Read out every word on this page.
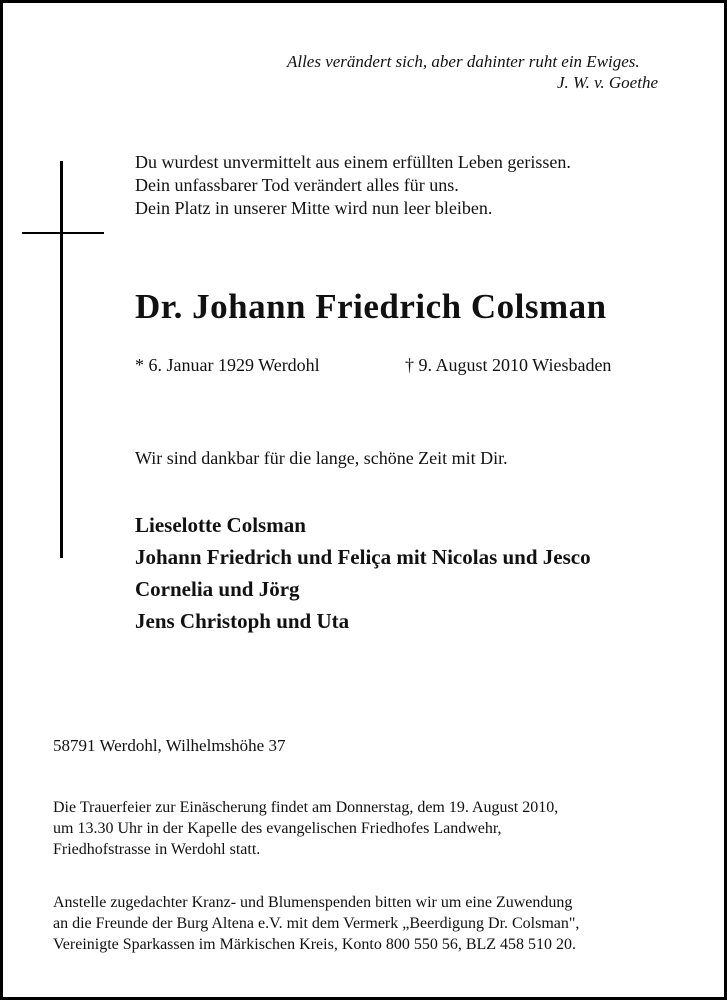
Alles verändert sich, aber dahinter ruht ein Ewiges.
J. W. v. Goethe
Du wurdest unvermittelt aus einem erfüllten Leben gerissen.
Dein unfassbarer Tod verändert alles für uns.
Dein Platz in unserer Mitte wird nun leer bleiben.
Dr. Johann Friedrich Colsman
* 6. Januar 1929 Werdohl	† 9. August 2010 Wiesbaden
Wir sind dankbar für die lange, schöne Zeit mit Dir.
Lieselotte Colsman
Johann Friedrich und Feliça mit Nicolas und Jesco
Cornelia und Jörg
Jens Christoph und Uta
58791 Werdohl, Wilhelmshöhe 37
Die Trauerfeier zur Einäscherung findet am Donnerstag, dem 19. August 2010,
um 13.30 Uhr in der Kapelle des evangelischen Friedhofes Landwehr,
Friedhofstrasse in Werdohl statt.
Anstelle zugedachter Kranz- und Blumenspenden bitten wir um eine Zuwendung
an die Freunde der Burg Altena e.V. mit dem Vermerk „Beerdigung Dr. Colsman",
Vereinigte Sparkassen im Märkischen Kreis, Konto 800 550 56, BLZ 458 510 20.
